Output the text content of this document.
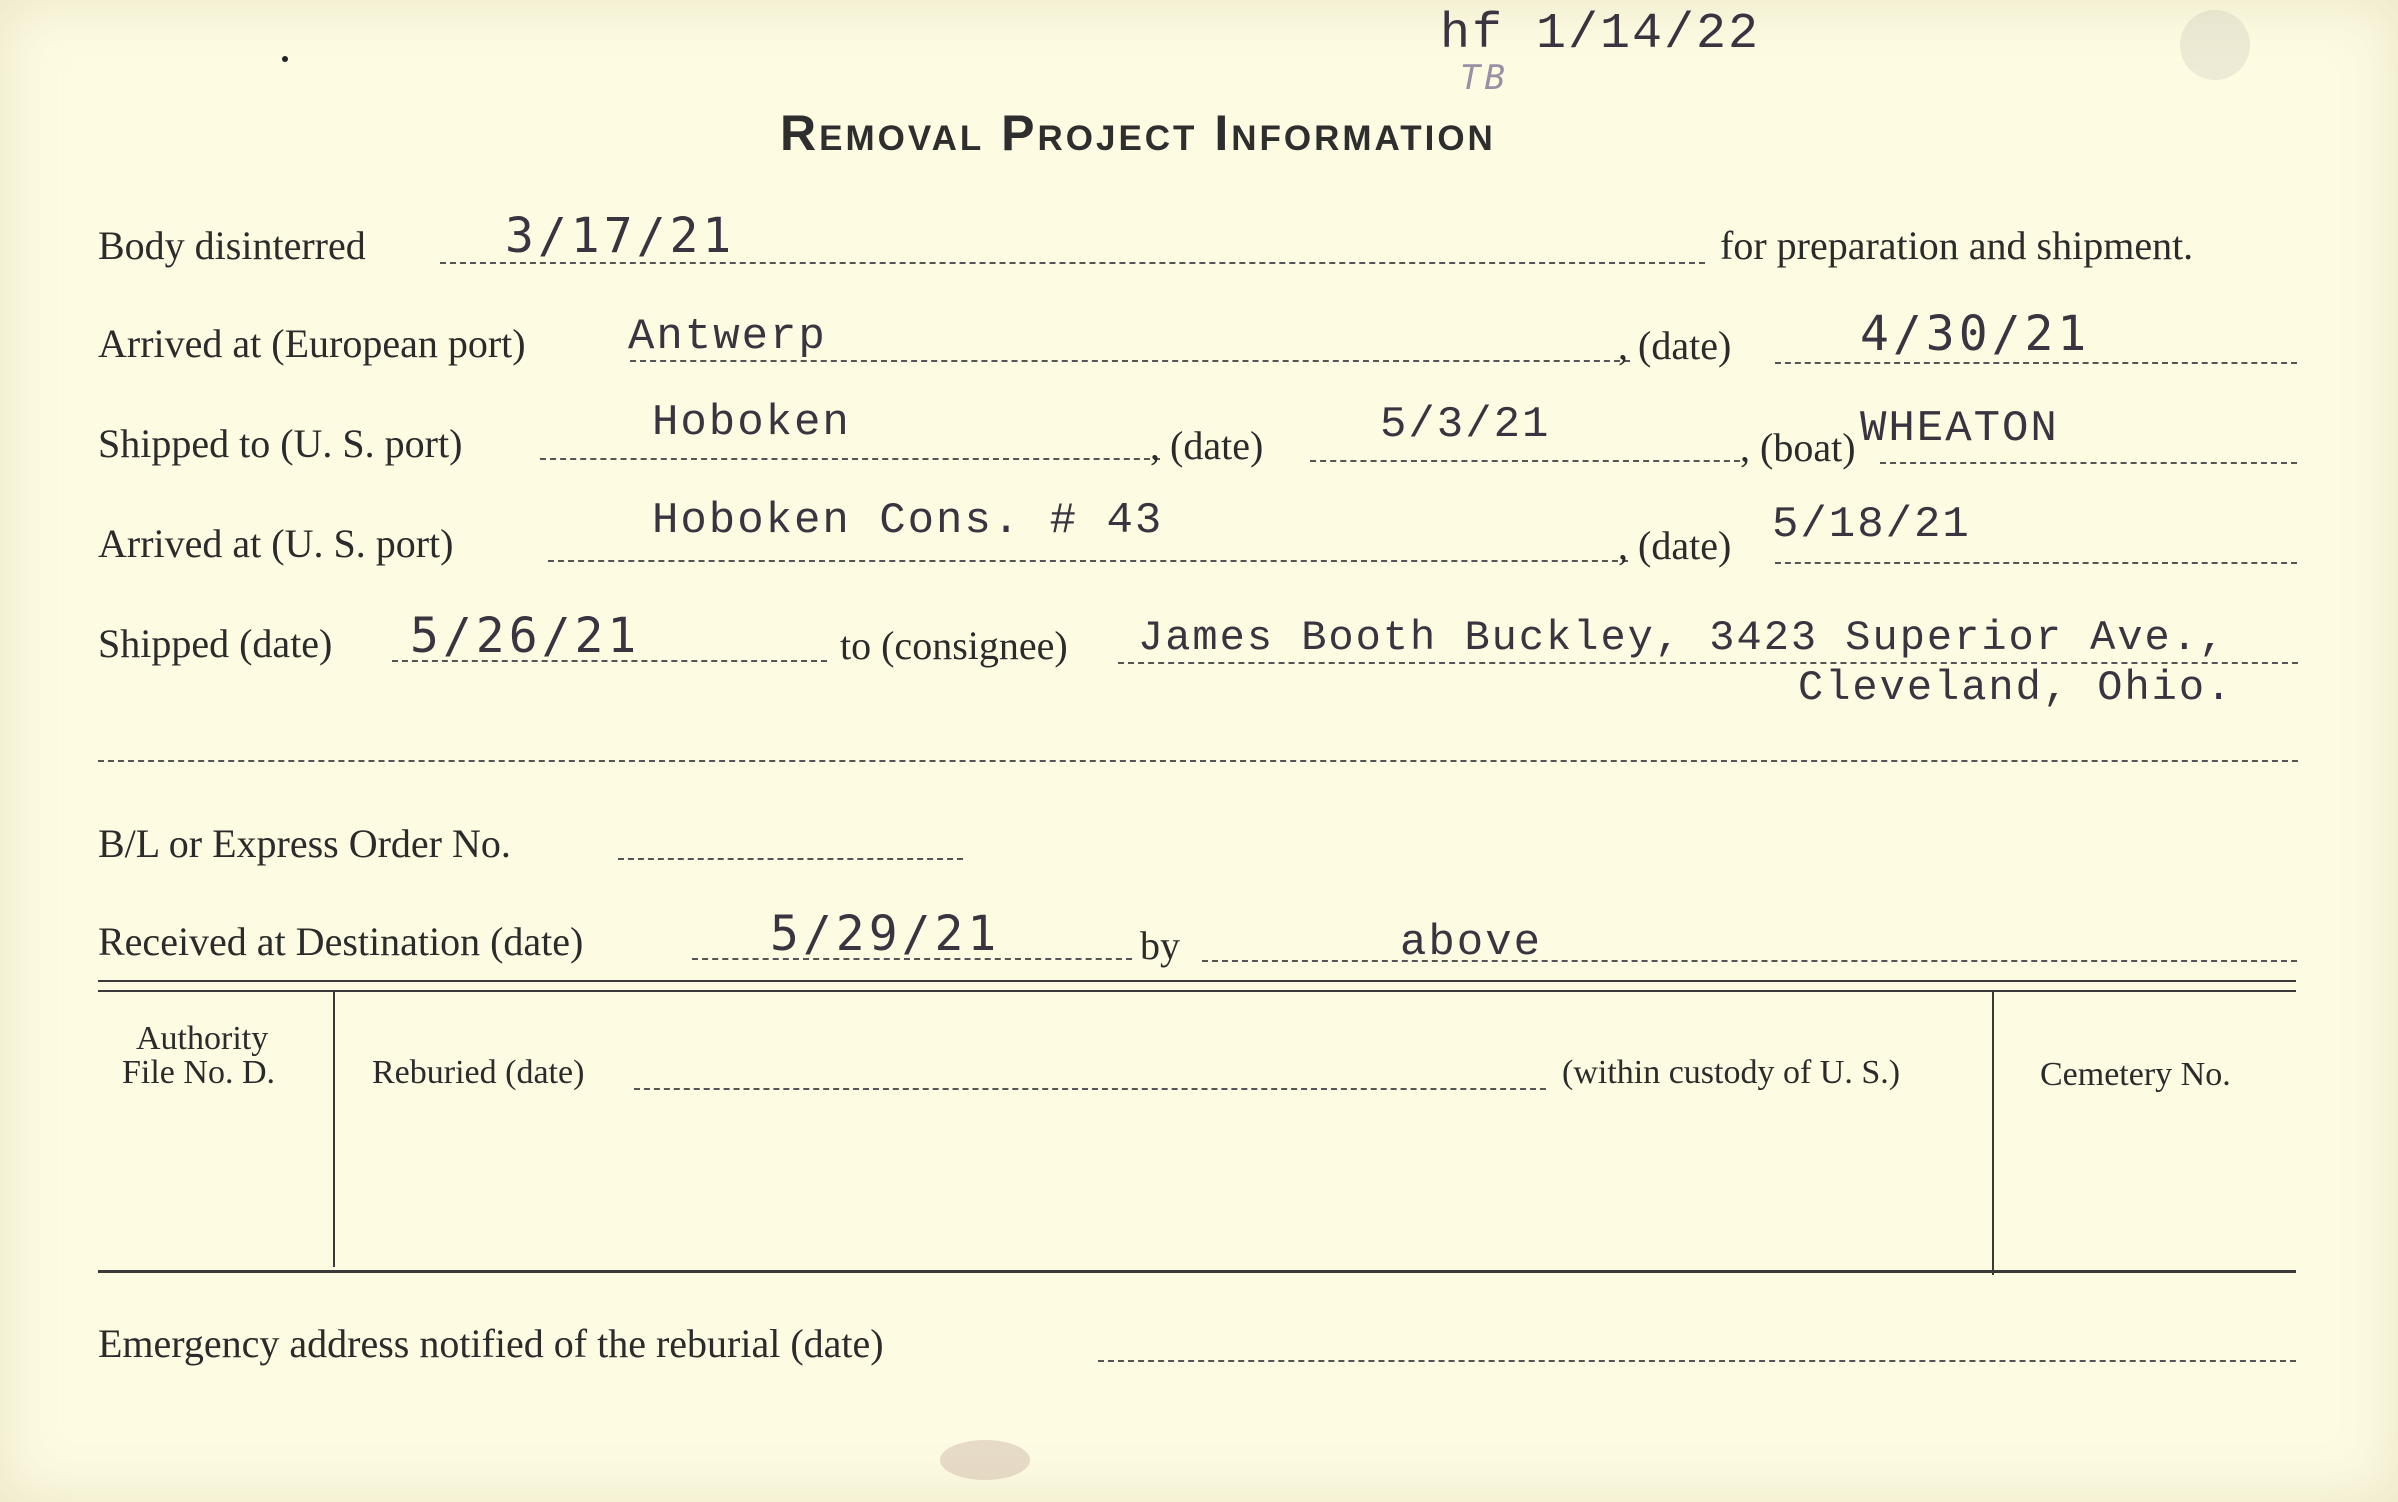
hf 1/14/22
TB
Removal Project Information
Body disinterred	3/17/21	for preparation and shipment.
Arrived at (European port) Antwerp	, (date)	4/30/21
Shipped to (U. S. port)	Hoboken	, (date)	5/3/21	, (boat) WHEATON
Arrived at (U. S. port)	Hoboken Cons. # 43	, (date) 5/18/21
Shipped (date) 5/26/21	to (consignee) James Booth Buckley, 3423 Superior Ave.,
Cleveland, Ohio.
B/L or Express Order No.
Received at Destination (date)	5/29/21	by	above
Authority
File No. D.	Reburied (date)	(within custody of U. S.)	Cemetery No.
Emergency address notified of the reburial (date)
